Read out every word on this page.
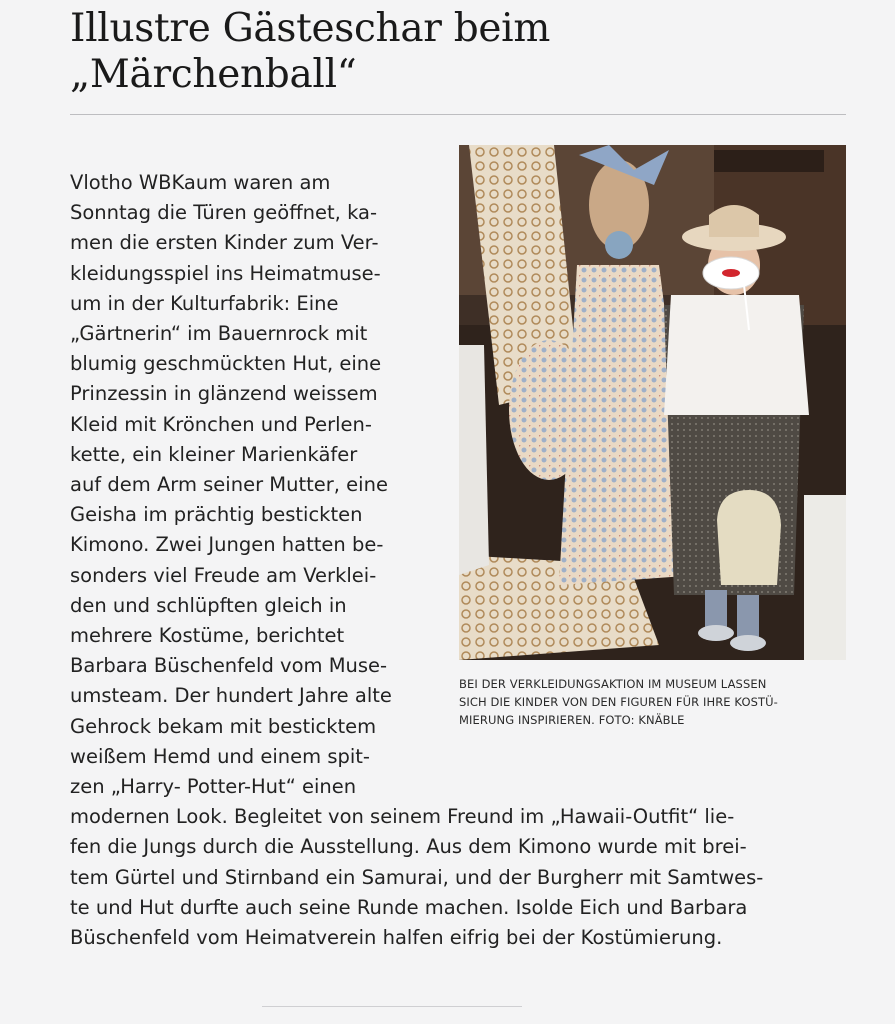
Illustre Gästeschar beim
„Märchenball“

Vlotho WBKaum waren am

Sonntag die Türen geöffnet, ka-

men die ersten Kinder zum Ver-

kleidungsspiel ins Heimatmuse-

um in der Kulturfabrik: Eine

„Gärtnerin“ im Bauernrock mit

blumig geschmückten Hut, eine

Prinzessin in glänzend weissem

Kleid mit Krönchen und Perlen-

kette, ein kleiner Marienkäfer

auf dem Arm seiner Mutter, eine

Geisha im prächtig bestickten

Kimono. Zwei Jungen hatten be-

sonders viel Freude am Verklei-

den und schlüpften gleich in

mehrere Kostüme, berichtet

Barbara Büschenfeld vom Muse-

umsteam. Der hundert Jahre alte

Gehrock bekam mit besticktem

weißem Hemd und einem spit-

zen „Harry- Potter-Hut“ einen

modernen Look. Begleitet von seinem Freund im „Hawaii-Outfit“ lie-

fen die Jungs durch die Ausstellung. Aus dem Kimono wurde mit brei-

tem Gürtel und Stirnband ein Samurai, und der Burgherr mit Samtwes-

te und Hut durfte auch seine Runde machen. Isolde Eich und Barbara

Büschenfeld vom Heimatverein halfen eifrig bei der Kostümierung.

BEI DER VERKLEIDUNGSAKTION IM MUSEUM LASSEN
SICH DIE KINDER VON DEN FIGUREN FÜR IHRE KOSTÜ-
MIERUNG INSPIRIEREN. FOTO: KNÄBLE
